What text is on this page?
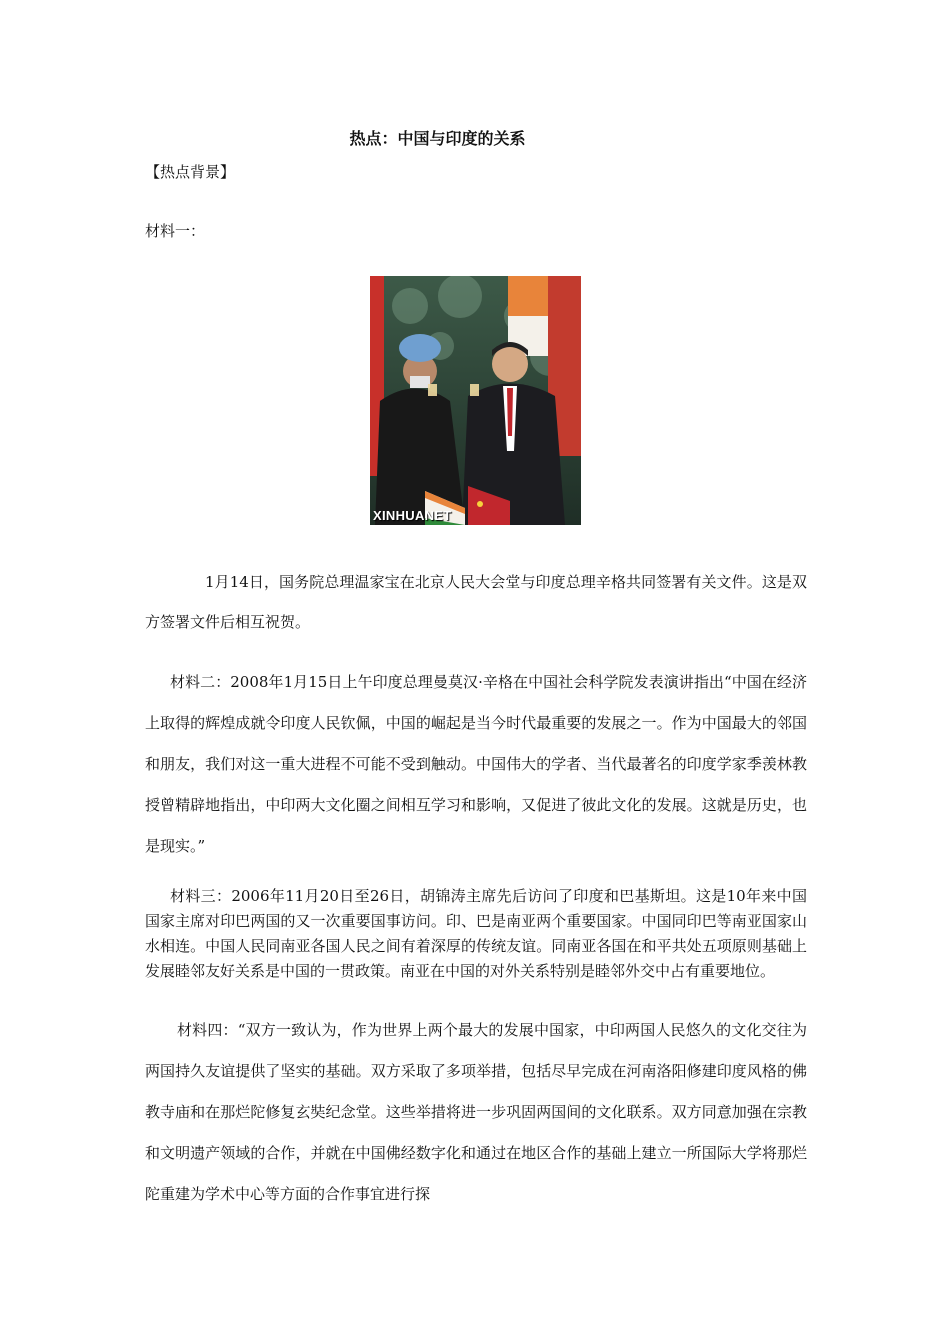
热点：中国与印度的关系

【热点背景】

材料一：

XINHUANET

1月14日，国务院总理温家宝在北京人民大会堂与印度总理辛格共同签署有关文件。这是双方签署文件后相互祝贺。

材料二：2008年1月15日上午印度总理曼莫汉·辛格在中国社会科学院发表演讲指出“中国在经济上取得的辉煌成就令印度人民钦佩，中国的崛起是当今时代最重要的发展之一。作为中国最大的邻国和朋友，我们对这一重大进程不可能不受到触动。中国伟大的学者、当代最著名的印度学家季羡林教授曾精辟地指出，中印两大文化圈之间相互学习和影响，又促进了彼此文化的发展。这就是历史，也是现实。”

材料三：2006年11月20日至26日，胡锦涛主席先后访问了印度和巴基斯坦。这是10年来中国国家主席对印巴两国的又一次重要国事访问。印、巴是南亚两个重要国家。中国同印巴等南亚国家山水相连。中国人民同南亚各国人民之间有着深厚的传统友谊。同南亚各国在和平共处五项原则基础上发展睦邻友好关系是中国的一贯政策。南亚在中国的对外关系特别是睦邻外交中占有重要地位。

材料四：“双方一致认为，作为世界上两个最大的发展中国家，中印两国人民悠久的文化交往为两国持久友谊提供了坚实的基础。双方采取了多项举措，包括尽早完成在河南洛阳修建印度风格的佛教寺庙和在那烂陀修复玄奘纪念堂。这些举措将进一步巩固两国间的文化联系。双方同意加强在宗教和文明遗产领域的合作，并就在中国佛经数字化和通过在地区合作的基础上建立一所国际大学将那烂陀重建为学术中心等方面的合作事宜进行探
